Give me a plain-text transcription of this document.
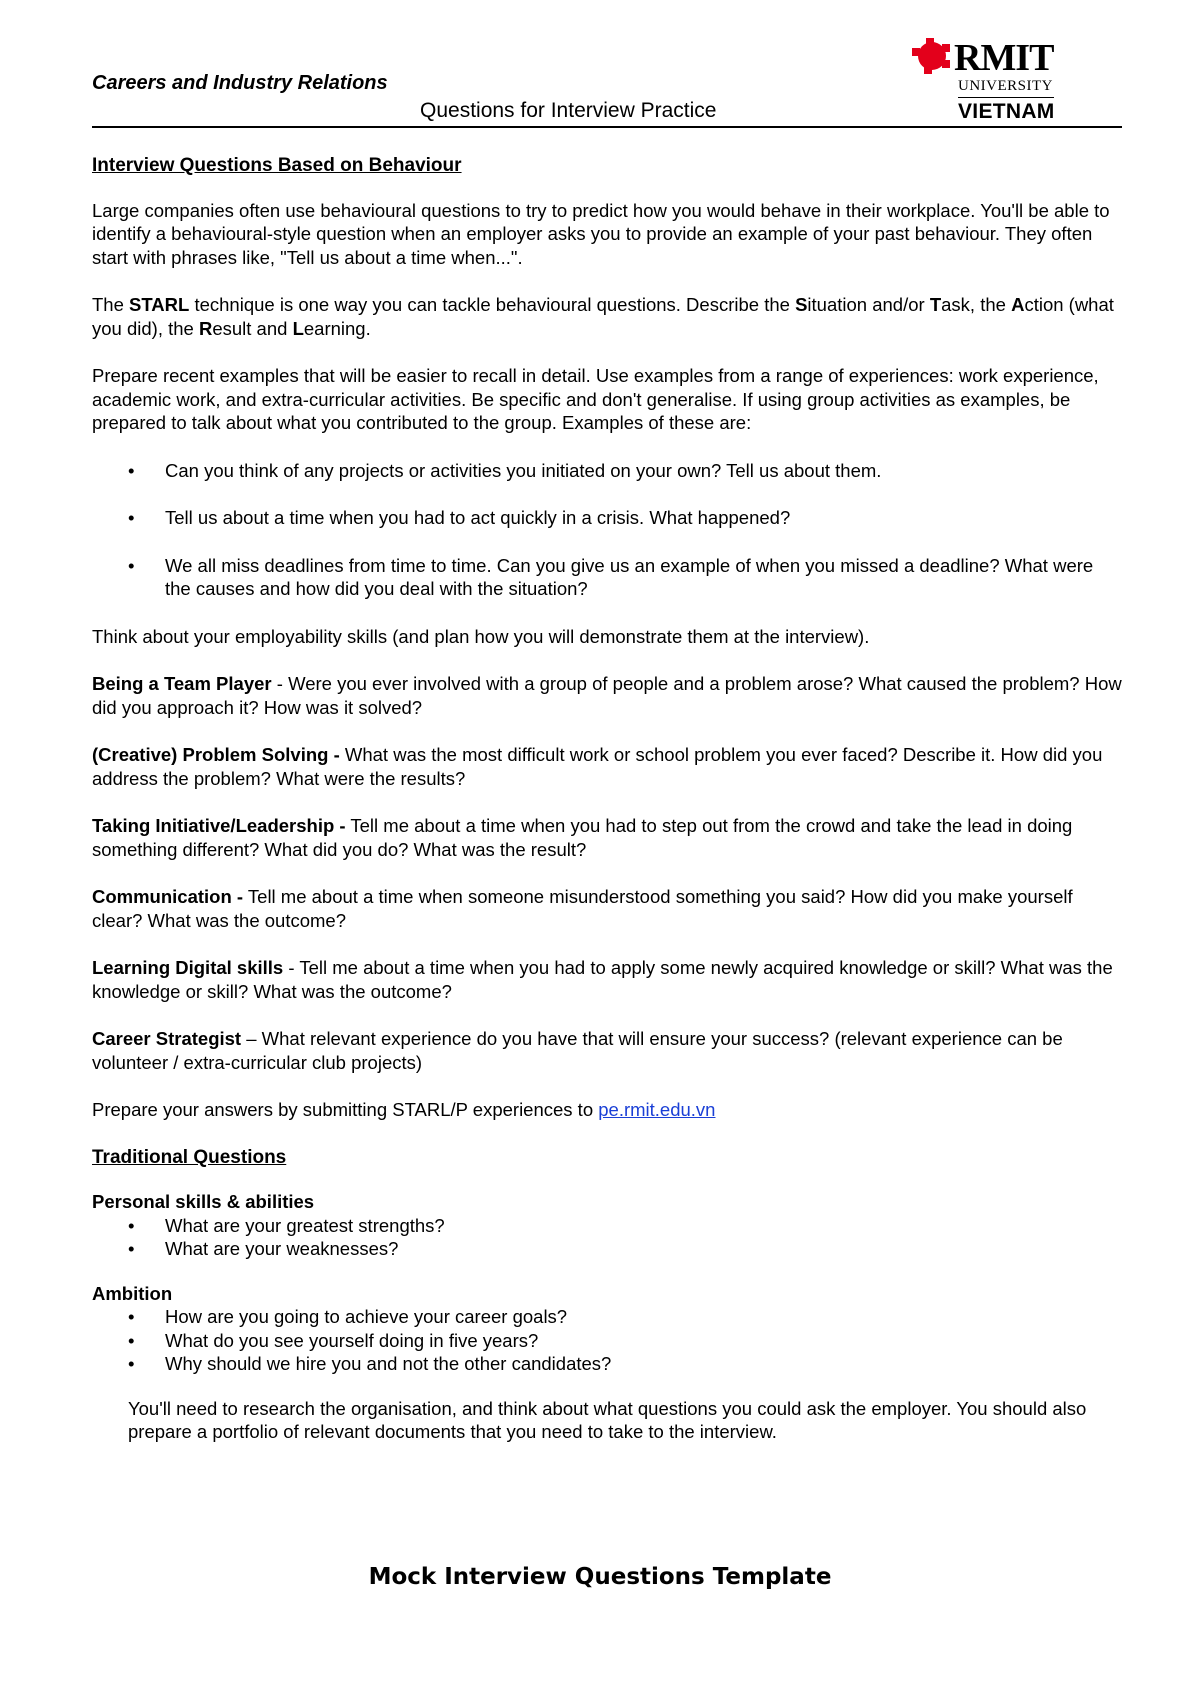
Careers and Industry Relations
Questions for Interview Practice
RMIT
UNIVERSITY
VIETNAM
Interview Questions Based on Behaviour

Large companies often use behavioural questions to try to predict how you would behave in their workplace. You'll be able to identify a behavioural-style question when an employer asks you to provide an example of your past behaviour. They often start with phrases like, "Tell us about a time when...".

The STARL technique is one way you can tackle behavioural questions. Describe the Situation and/or Task, the Action (what you did), the Result and Learning.

Prepare recent examples that will be easier to recall in detail. Use examples from a range of experiences: work experience, academic work, and extra-curricular activities. Be specific and don't generalise. If using group activities as examples, be prepared to talk about what you contributed to the group. Examples of these are:

• Can you think of any projects or activities you initiated on your own? Tell us about them.
• Tell us about a time when you had to act quickly in a crisis. What happened?
• We all miss deadlines from time to time. Can you give us an example of when you missed a deadline? What were the causes and how did you deal with the situation?

Think about your employability skills (and plan how you will demonstrate them at the interview).

Being a Team Player - Were you ever involved with a group of people and a problem arose? What caused the problem? How did you approach it? How was it solved?

(Creative) Problem Solving - What was the most difficult work or school problem you ever faced? Describe it. How did you address the problem? What were the results?

Taking Initiative/Leadership - Tell me about a time when you had to step out from the crowd and take the lead in doing something different? What did you do? What was the result?

Communication - Tell me about a time when someone misunderstood something you said? How did you make yourself clear? What was the outcome?

Learning Digital skills - Tell me about a time when you had to apply some newly acquired knowledge or skill? What was the knowledge or skill? What was the outcome?

Career Strategist – What relevant experience do you have that will ensure your success? (relevant experience can be volunteer / extra-curricular club projects)

Prepare your answers by submitting STARL/P experiences to pe.rmit.edu.vn

Traditional Questions
Personal skills & abilities
• What are your greatest strengths?
• What are your weaknesses?
Ambition
• How are you going to achieve your career goals?
• What do you see yourself doing in five years?
• Why should we hire you and not the other candidates?

You'll need to research the organisation, and think about what questions you could ask the employer. You should also prepare a portfolio of relevant documents that you need to take to the interview.

Mock Interview Questions Template
